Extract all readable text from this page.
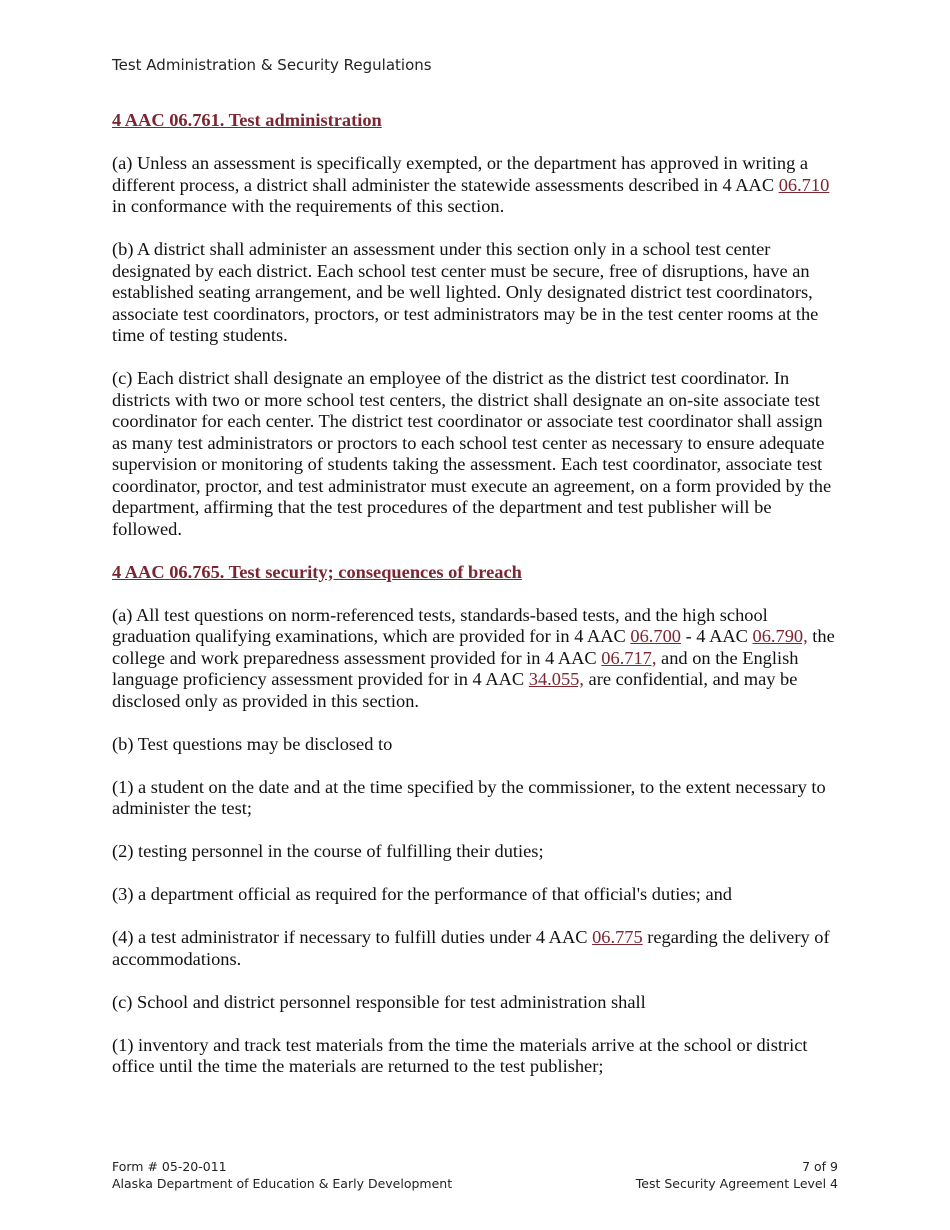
Test Administration & Security Regulations

4 AAC 06.761. Test administration

(a) Unless an assessment is specifically exempted, or the department has approved in writing a different process, a district shall administer the statewide assessments described in 4 AAC 06.710 in conformance with the requirements of this section.

(b) A district shall administer an assessment under this section only in a school test center designated by each district. Each school test center must be secure, free of disruptions, have an established seating arrangement, and be well lighted. Only designated district test coordinators, associate test coordinators, proctors, or test administrators may be in the test center rooms at the time of testing students.

(c) Each district shall designate an employee of the district as the district test coordinator. In districts with two or more school test centers, the district shall designate an on-site associate test coordinator for each center. The district test coordinator or associate test coordinator shall assign as many test administrators or proctors to each school test center as necessary to ensure adequate supervision or monitoring of students taking the assessment. Each test coordinator, associate test coordinator, proctor, and test administrator must execute an agreement, on a form provided by the department, affirming that the test procedures of the department and test publisher will be followed.

4 AAC 06.765. Test security; consequences of breach

(a) All test questions on norm-referenced tests, standards-based tests, and the high school graduation qualifying examinations, which are provided for in 4 AAC 06.700 - 4 AAC 06.790, the college and work preparedness assessment provided for in 4 AAC 06.717, and on the English language proficiency assessment provided for in 4 AAC 34.055, are confidential, and may be disclosed only as provided in this section.

(b) Test questions may be disclosed to

(1) a student on the date and at the time specified by the commissioner, to the extent necessary to administer the test;

(2) testing personnel in the course of fulfilling their duties;

(3) a department official as required for the performance of that official's duties; and

(4) a test administrator if necessary to fulfill duties under 4 AAC 06.775 regarding the delivery of accommodations.

(c) School and district personnel responsible for test administration shall

(1) inventory and track test materials from the time the materials arrive at the school or district office until the time the materials are returned to the test publisher;

Form # 05-20-011	7 of 9
Alaska Department of Education & Early Development	Test Security Agreement Level 4
